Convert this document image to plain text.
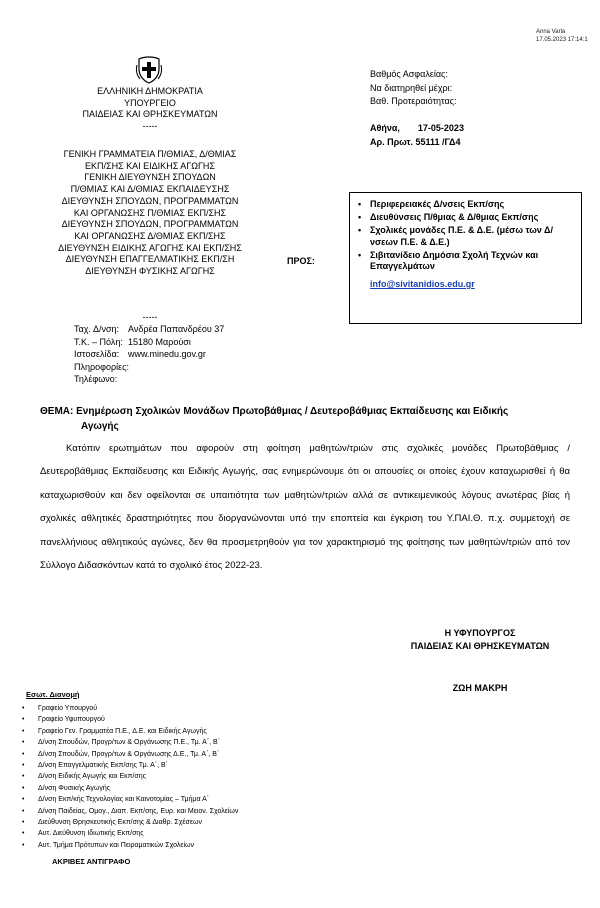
Anna Varla
17.05.2023 17:14:1
ΕΛΛΗΝΙΚΗ ΔΗΜΟΚΡΑΤΙΑ
ΥΠΟΥΡΓΕΙΟ
ΠΑΙΔΕΙΑΣ ΚΑΙ ΘΡΗΣΚΕΥΜΑΤΩΝ
-----
ΓΕΝΙΚΗ ΓΡΑΜΜΑΤΕΙΑ Π/ΘΜΙΑΣ, Δ/ΘΜΙΑΣ
ΕΚΠ/ΣΗΣ ΚΑΙ ΕΙΔΙΚΗΣ ΑΓΩΓΗΣ
ΓΕΝΙΚΗ ΔΙΕΥΘΥΝΣΗ ΣΠΟΥΔΩΝ
Π/ΘΜΙΑΣ ΚΑΙ Δ/ΘΜΙΑΣ ΕΚΠΑΙΔΕΥΣΗΣ
ΔΙΕΥΘΥΝΣΗ ΣΠΟΥΔΩΝ, ΠΡΟΓΡΑΜΜΑΤΩΝ
ΚΑΙ ΟΡΓΑΝΩΣΗΣ Π/ΘΜΙΑΣ ΕΚΠ/ΣΗΣ
ΔΙΕΥΘΥΝΣΗ ΣΠΟΥΔΩΝ, ΠΡΟΓΡΑΜΜΑΤΩΝ
ΚΑΙ ΟΡΓΑΝΩΣΗΣ Δ/ΘΜΙΑΣ ΕΚΠ/ΣΗΣ
ΔΙΕΥΘΥΝΣΗ ΕΙΔΙΚΗΣ ΑΓΩΓΗΣ ΚΑΙ ΕΚΠ/ΣΗΣ
ΔΙΕΥΘΥΝΣΗ ΕΠΑΓΓΕΛΜΑΤΙΚΗΣ ΕΚΠ/ΣΗ
ΔΙΕΥΘΥΝΣΗ ΦΥΣΙΚΗΣ ΑΓΩΓΗΣ
-----
Ταχ. Δ/νση: Ανδρέα Παπανδρέου 37
Τ.Κ. – Πόλη: 15180 Μαρούσι
Ιστοσελίδα: www.minedu.gov.gr
Πληροφορίες:
Τηλέφωνο:
Βαθμός Ασφαλείας:
Να διατηρηθεί μέχρι:
Βαθ. Προτεραιότητας:
Αθήνα, 17-05-2023
Αρ. Πρωτ. 55111 /ΓΔ4
ΠΡΟΣ:
• Περιφερειακές Δ/νσεις Εκπ/σης
• Διευθύνσεις Π/θμιας & Δ/θμιας Εκπ/σης
• Σχολικές μονάδες Π.Ε. & Δ.Ε. (μέσω των Δ/νσεων Π.Ε. & Δ.Ε.)
• Σιβιτανίδειο Δημόσια Σχολή Τεχνών και Επαγγελμάτων
info@sivitanidios.edu.gr
ΘΕΜΑ: Ενημέρωση Σχολικών Μονάδων Πρωτοβάθμιας / Δευτεροβάθμιας Εκπαίδευσης και Ειδικής
Αγωγής
Κατόπιν ερωτημάτων που αφορούν στη φοίτηση μαθητών/τριών στις σχολικές μονάδες Πρωτοβάθμιας / Δευτεροβάθμιας Εκπαίδευσης και Ειδικής Αγωγής, σας ενημερώνουμε ότι οι απουσίες οι οποίες έχουν καταχωρισθεί ή θα καταχωρισθούν και δεν οφείλονται σε υπαιτιότητα των μαθητών/τριών αλλά σε αντικειμενικούς λόγους ανωτέρας βίας ή σχολικές αθλητικές δραστηριότητες που διοργανώνονται υπό την εποπτεία και έγκριση του Υ.ΠΑΙ.Θ. π.χ. συμμετοχή σε πανελλήνιους αθλητικούς αγώνες, δεν θα προσμετρηθούν για τον χαρακτηρισμό της φοίτησης των μαθητών/τριών από τον Σύλλογο Διδασκόντων κατά το σχολικό έτος 2022-23.
Η ΥΦΥΠΟΥΡΓΟΣ
ΠΑΙΔΕΙΑΣ ΚΑΙ ΘΡΗΣΚΕΥΜΑΤΩΝ
ΖΩΗ ΜΑΚΡΗ
Εσωτ. Διανομή
• Γραφείο Υπουργού
• Γραφείο Υφυπουργού
• Γραφείο Γεν. Γραμματέα Π.Ε., Δ.Ε. και Ειδικής Αγωγής
• Δ/νση Σπουδών, Προγρ/των & Οργάνωσης Π.Ε., Τμ. Α΄, Β΄
• Δ/νση Σπουδών, Προγρ/των & Οργάνωσης Δ.Ε., Τμ. Α΄, Β΄
• Δ/νση Επαγγελματικής Εκπ/σης Τμ. Α΄, Β΄
• Δ/νση Ειδικής Αγωγής και Εκπ/σης
• Δ/νση Φυσικής Αγωγής
• Δ/νση Εκπ/κής Τεχνολογίας και Καινοτομίας – Τμήμα Α΄
• Δ/νση Παιδείας, Ομογ., Διαπ. Εκπ/σης, Ευρ. και Μειον. Σχολείων
• Διεύθυνση Θρησκευτικής Εκπ/σης & Διαθρ. Σχέσεων
• Αυτ. Διεύθυνση Ιδιωτικής Εκπ/σης
• Αυτ. Τμήμα Πρότυπων και Πειραματικών Σχολείων
ΑΚΡΙΒΕΣ ΑΝΤΙΓΡΑΦΟ
